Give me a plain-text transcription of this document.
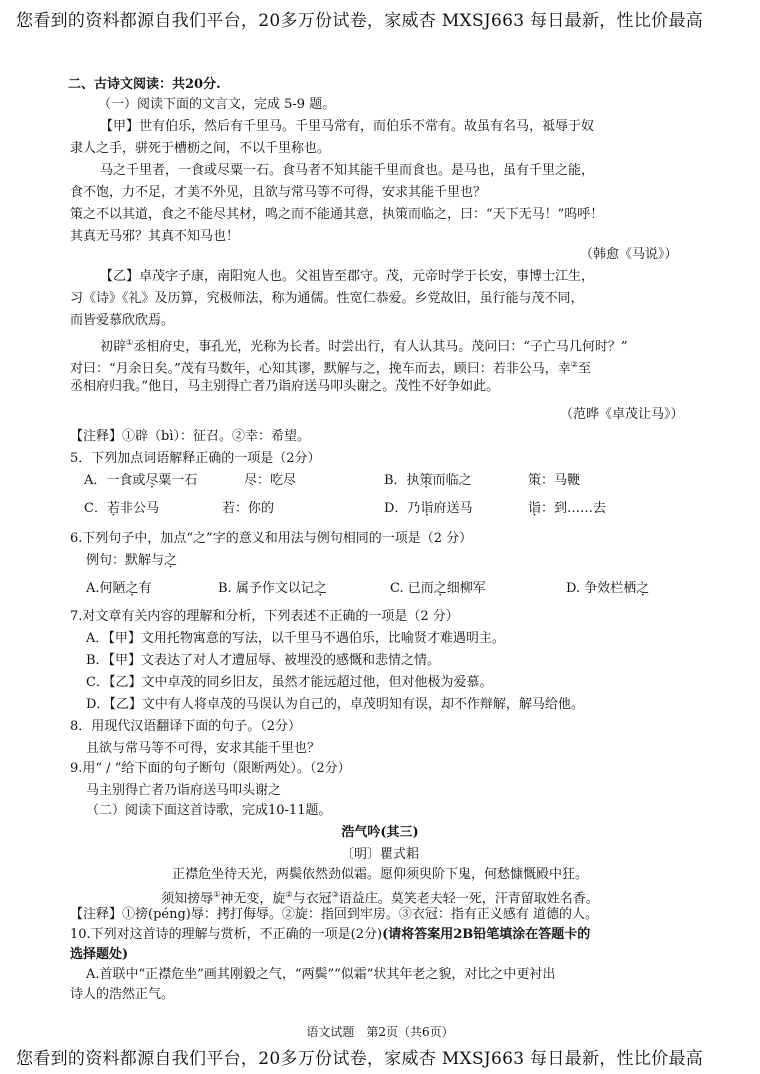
您看到的资料都源自我们平台，20多万份试卷，家威杏 MXSJ663 每日最新，性比价最高
二、古诗文阅读：共20分.
（一）阅读下面的文言文，完成 5-9 题。
【甲】世有伯乐，然后有千里马。千里马常有，而伯乐不常有。故虽有名马，祗辱于奴
隶人之手，骈死于槽枥之间，不以千里称也。
马之千里者，一食或尽粟一石。食马者不知其能千里而食也。是马也，虽有千里之能，
食不饱，力不足，才美不外见，且欲与常马等不可得，安求其能千里也？
策之不以其道，食之不能尽其材，鸣之而不能通其意，执策而临之，曰：“天下无马！”呜呼！
其真无马邪？其真不知马也！
（韩愈《马说》）
【乙】卓茂字子康，南阳宛人也。父祖皆至郡守。茂，元帝时学于长安，事博士江生，
习《诗》《礼》及历算，究极师法，称为通儒。性宽仁恭爱。乡党故旧，虽行能与茂不同，
而皆爱慕欣欣焉。
初辟①丞相府史，事孔光，光称为长者。时尝出行，有人认其马。茂问曰：“子亡马几何时？”
对曰：“月余日矣。”茂有马数年，心知其谬，默解与之，挽车而去，顾曰：若非公马，幸②至
丞相府归我。”他日，马主别得亡者乃诣府送马叩头谢之。茂性不好争如此。
（范晔《卓茂让马》）
【注释】①辟（bì）：征召。②幸：希望。
5．下列加点词语解释正确的一项是（2分）
A．一食或尽粟一石	尽：吃尽	B．执策而临之	策：马鞭
C．若非公马	若：你的	D．乃诣府送马	诣：到……去
6.下列句子中，加点“之”字的意义和用法与例句相同的一项是（2 分）
例句：默解与之
A.何陋之有	B. 属予作文以记之	C. 已而之细柳军	D. 争效栏栖之
7.对文章有关内容的理解和分析，下列表述不正确的一项是（2 分）
A．【甲】文用托物寓意的写法，以千里马不遇伯乐，比喻贤才难遇明主。
B．【甲】文表达了对人才遭屈辱、被埋没的感慨和悲情之情。
C．【乙】文中卓茂的同乡旧友，虽然才能远超过他，但对他极为爱慕。
D．【乙】文中有人将卓茂的马误认为自己的，卓茂明知有误，却不作辩解，解马给他。
8．用现代汉语翻译下面的句子。（2分）
且欲与常马等不可得，安求其能千里也？
9.用“ / ”给下面的句子断句（限断两处）。（2分）
马主别得亡者乃诣府送马叩头谢之
（二）阅读下面这首诗歌，完成10-11题。
浩气吟(其三)
〔明〕瞿式耜
正襟危坐待天光，两鬓依然劲似霜。愿仰须臾阶下鬼，何愁慷慨殿中狂。
须知搒辱①神无变，旋②与衣冠③语益庄。莫笑老夫轻一死，汗青留取姓名香。
【注释】①搒(péng)辱：拷打侮辱。②旋：指回到牢房。③衣冠：指有正义感有 道德的人。
10.下列对这首诗的理解与赏析，不正确的一项是(2分)(请将答案用2B铅笔填涂在答题卡的
选择题处)
A.首联中“正襟危坐”画其刚毅之气，“两鬓”“似霜”状其年老之貌，对比之中更衬出
诗人的浩然正气。
语文试题　第2页（共6页）
您看到的资料都源自我们平台，20多万份试卷，家威杏 MXSJ663 每日最新，性比价最高
